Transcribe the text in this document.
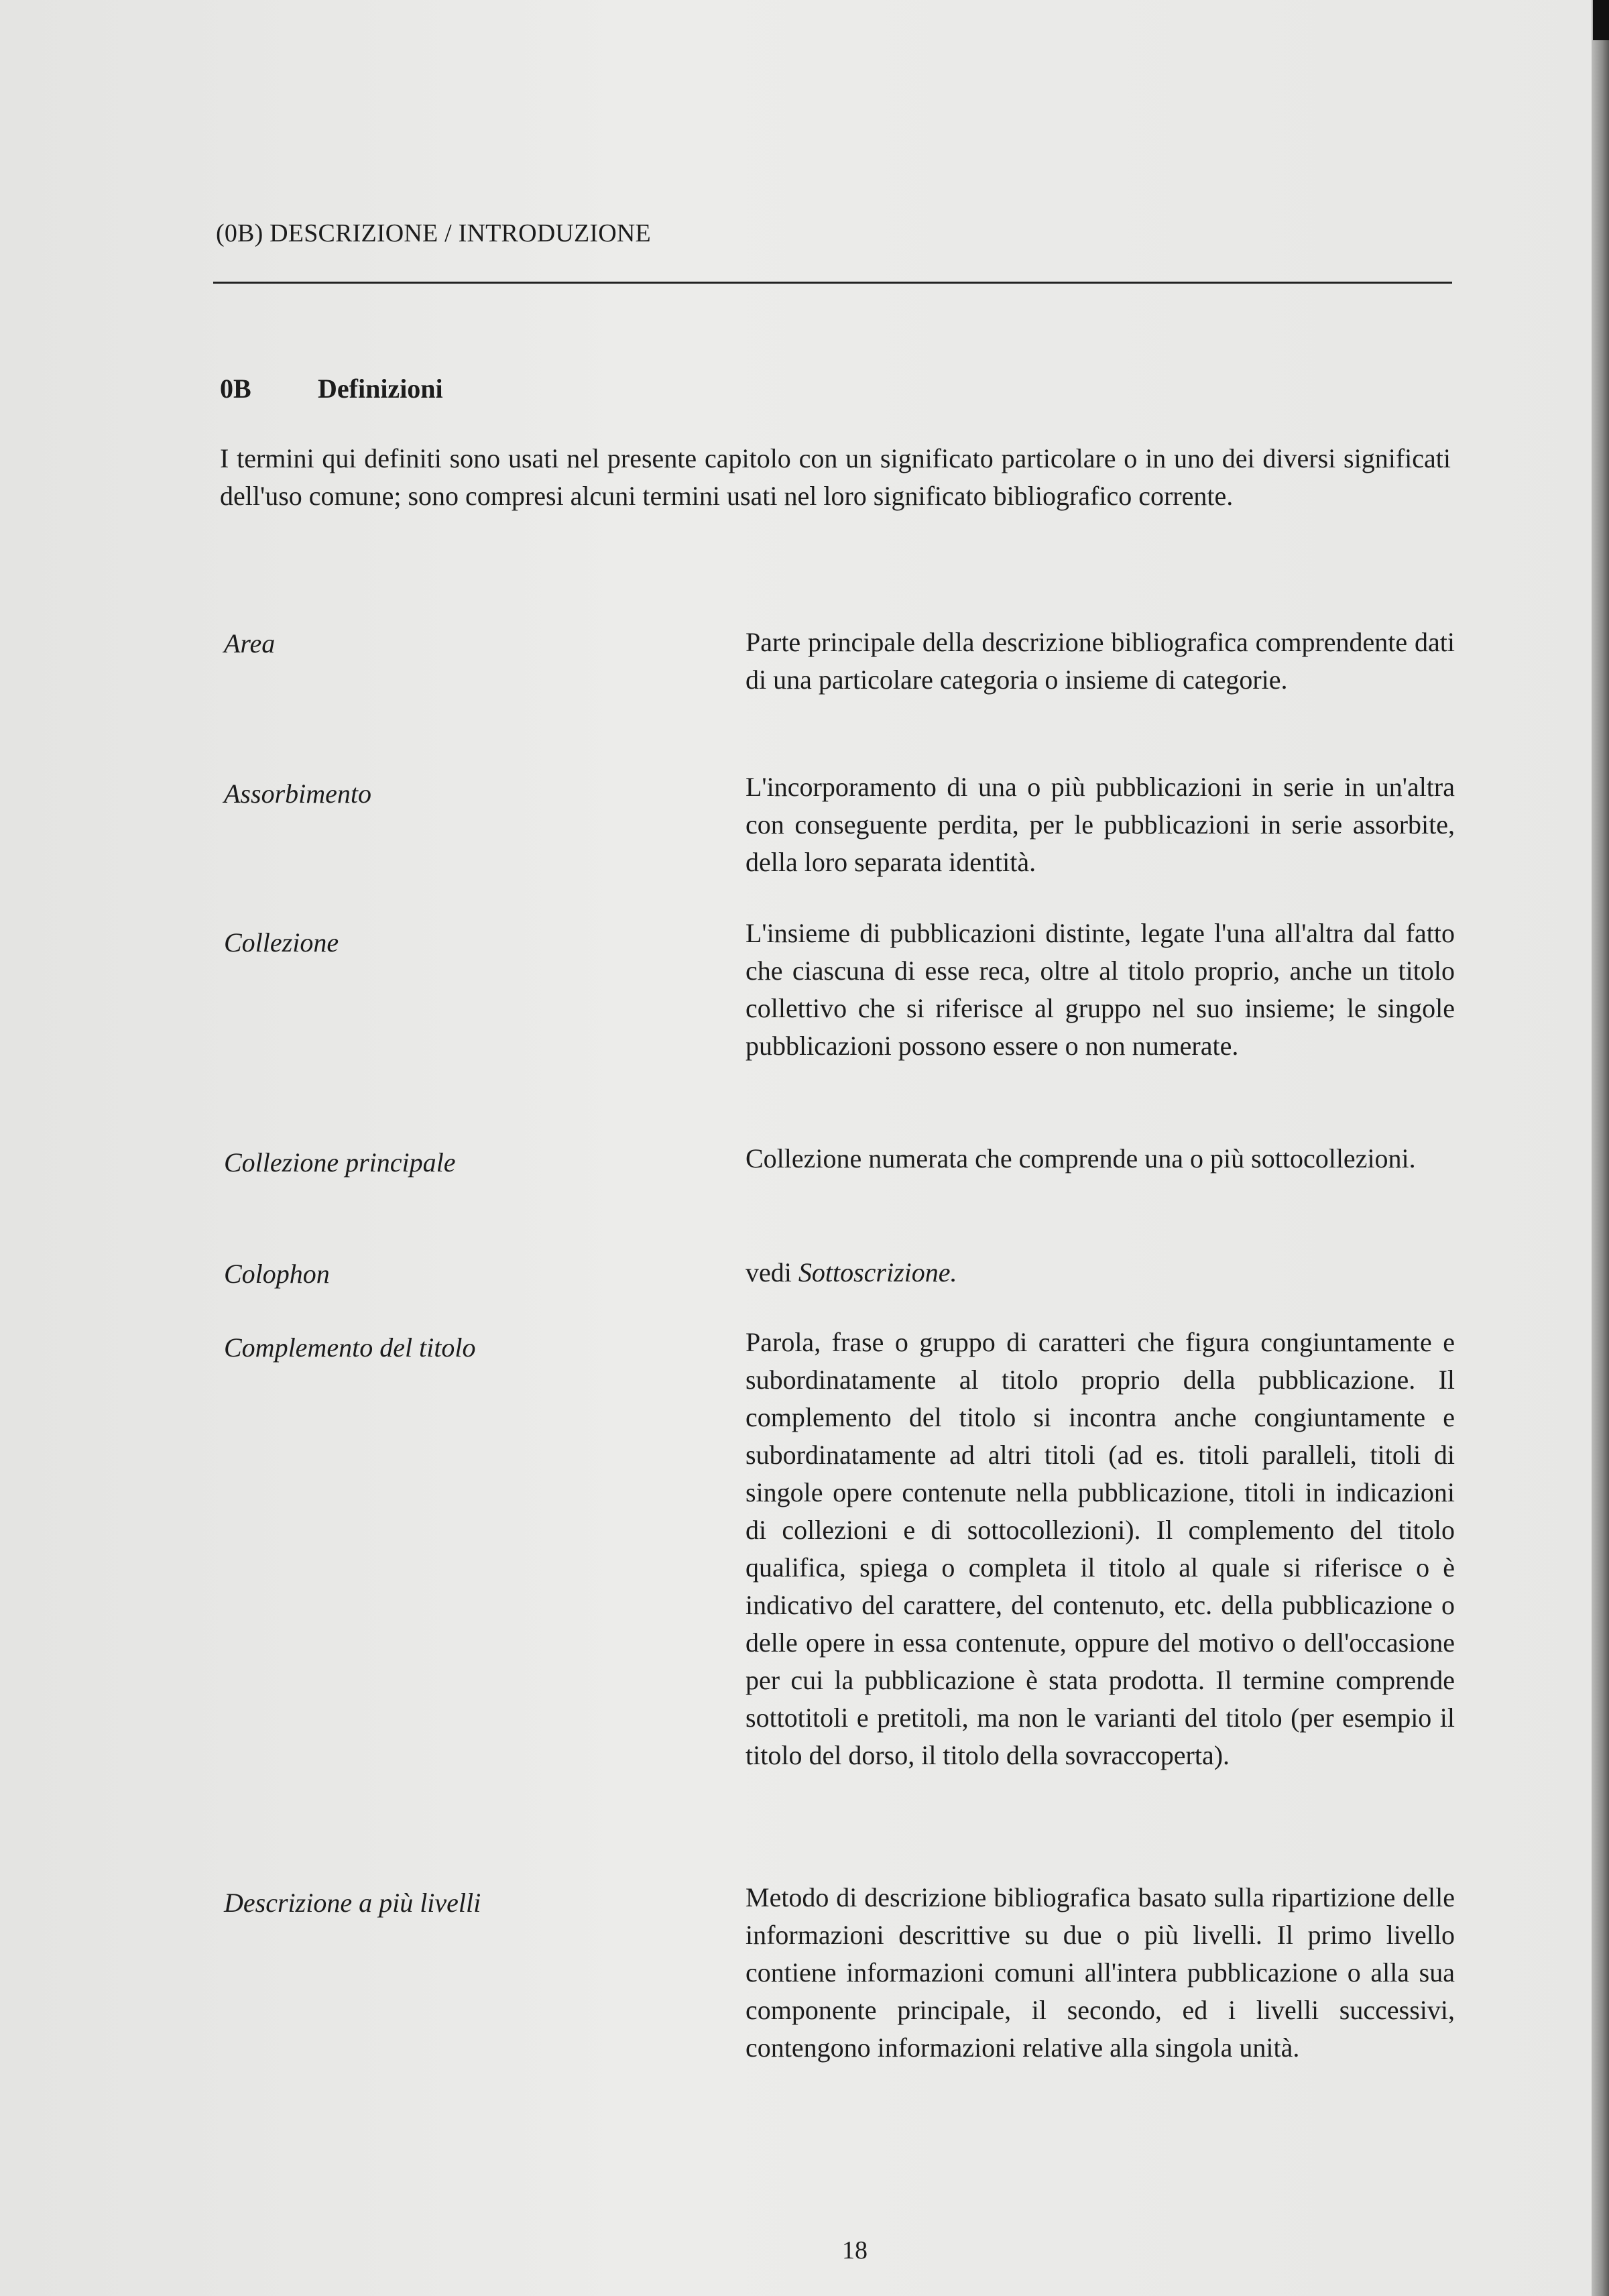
(0B) DESCRIZIONE / INTRODUZIONE
0B Definizioni
I termini qui definiti sono usati nel presente capitolo con un significato particolare o in uno dei diversi significati dell'uso comune; sono compresi alcuni termini usati nel loro significato bibliografico corrente.
Area	Parte principale della descrizione bibliografica comprendente dati di una particolare categoria o insieme di categorie.
Assorbimento	L'incorporamento di una o più pubblicazioni in serie in un'altra con conseguente perdita, per le pubblicazioni in serie assorbite, della loro separata identità.
Collezione	L'insieme di pubblicazioni distinte, legate l'una all'altra dal fatto che ciascuna di esse reca, oltre al titolo proprio, anche un titolo collettivo che si riferisce al gruppo nel suo insieme; le singole pubblicazioni possono essere o non numerate.
Collezione principale	Collezione numerata che comprende una o più sottocollezioni.
Colophon	vedi Sottoscrizione.
Complemento del titolo	Parola, frase o gruppo di caratteri che figura congiuntamente e subordinatamente al titolo proprio della pubblicazione. Il complemento del titolo si incontra anche congiuntamente e subordinatamente ad altri titoli (ad es. titoli paralleli, titoli di singole opere contenute nella pubblicazione, titoli in indicazioni di collezioni e di sottocollezioni). Il complemento del titolo qualifica, spiega o completa il titolo al quale si riferisce o è indicativo del carattere, del contenuto, etc. della pubblicazione o delle opere in essa contenute, oppure del motivo o dell'occasione per cui la pubblicazione è stata prodotta. Il termine comprende sottotitoli e pretitoli, ma non le varianti del titolo (per esempio il titolo del dorso, il titolo della sovraccoperta).
Descrizione a più livelli	Metodo di descrizione bibliografica basato sulla ripartizione delle informazioni descrittive su due o più livelli. Il primo livello contiene informazioni comuni all'intera pubblicazione o alla sua componente principale, il secondo, ed i livelli successivi, contengono informazioni relative alla singola unità.
18
